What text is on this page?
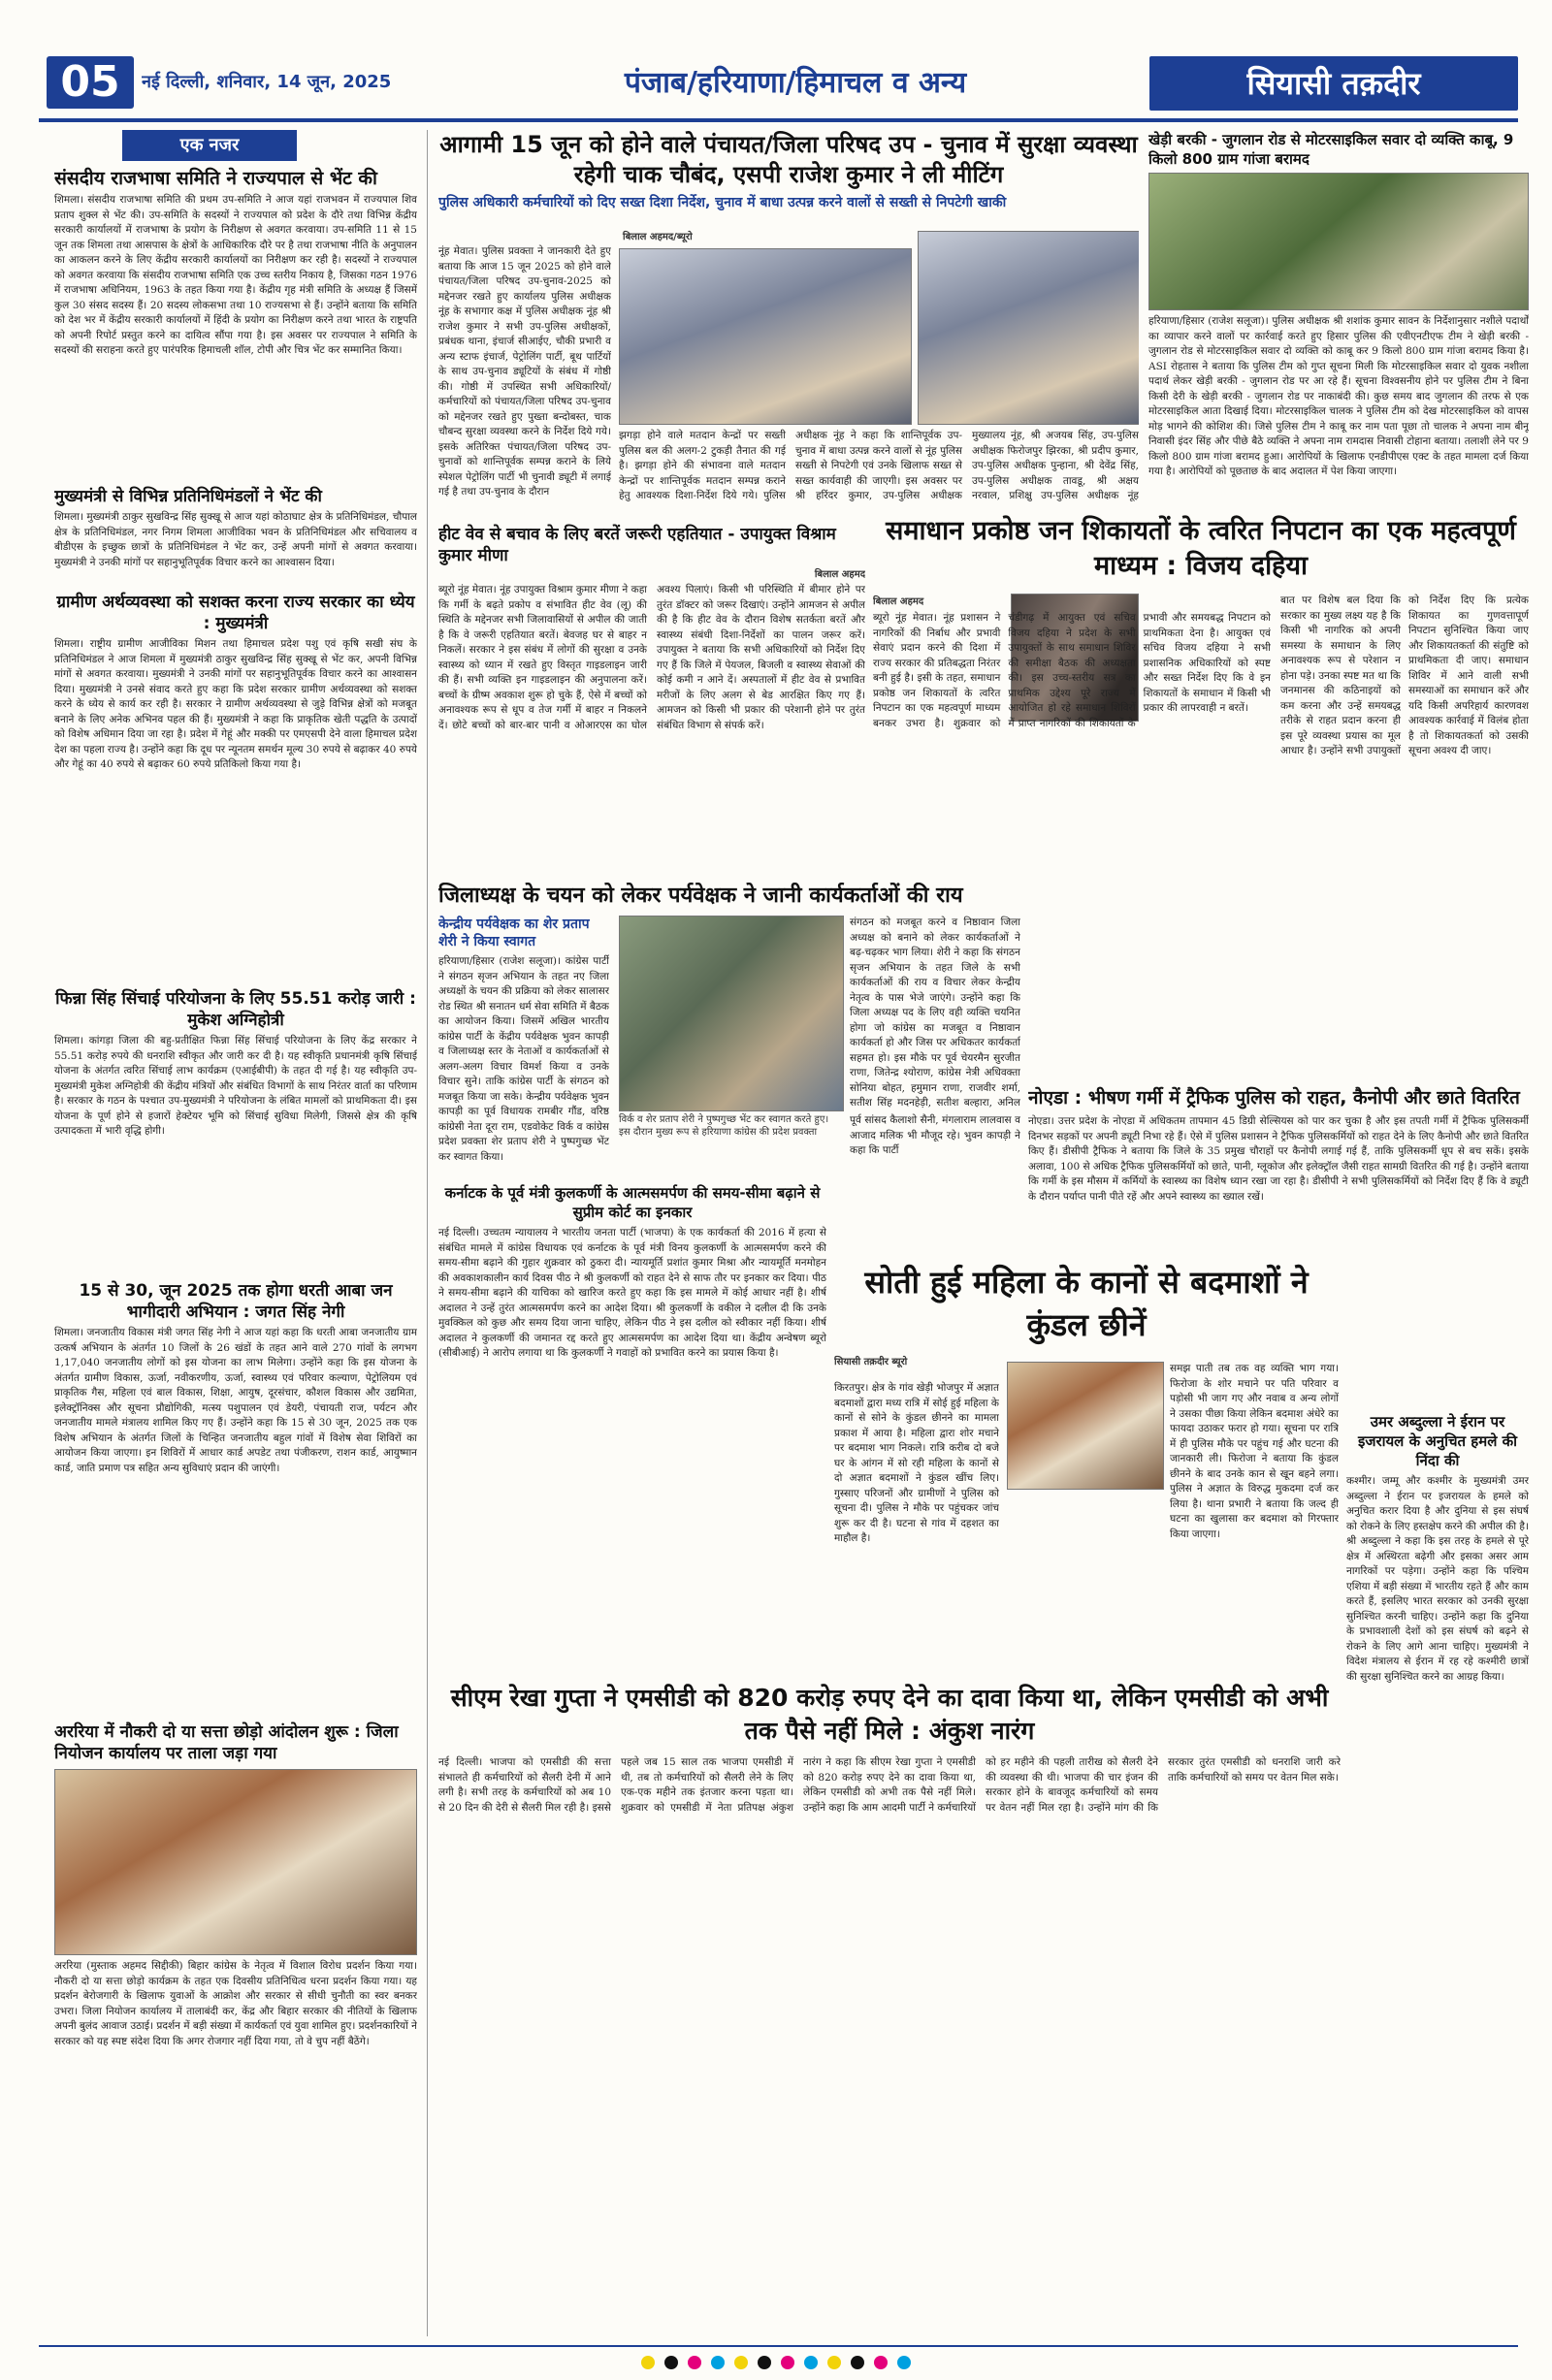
05	नई दिल्ली, शनिवार, 14 जून, 2025	पंजाब/हरियाणा/हिमाचल व अन्य	सियासी तक़दीर
एक नजर
संसदीय राजभाषा समिति ने राज्यपाल से भेंट की

शिमला। संसदीय राजभाषा समिति की प्रथम उप-समिति ने आज यहां राजभवन में राज्यपाल शिव प्रताप शुक्ल से भेंट की। उप-समिति के सदस्यों ने राज्यपाल को प्रदेश के दौरे तथा विभिन्न केंद्रीय सरकारी कार्यालयों में राजभाषा के प्रयोग के निरीक्षण से अवगत करवाया। उप-समिति 11 से 15 जून तक शिमला तथा आसपास के क्षेत्रों के आधिकारिक दौरे पर है तथा राजभाषा नीति के अनुपालन का आकलन करने के लिए केंद्रीय सरकारी कार्यालयों का निरीक्षण कर रही है। सदस्यों ने राज्यपाल को अवगत करवाया कि संसदीय राजभाषा समिति एक उच्च स्तरीय निकाय है, जिसका गठन 1976 में राजभाषा अधिनियम, 1963 के तहत किया गया है। केंद्रीय गृह मंत्री समिति के अध्यक्ष हैं जिसमें कुल 30 संसद सदस्य हैं। 20 सदस्य लोकसभा तथा 10 राज्यसभा से हैं। उन्होंने बताया कि समिति को देश भर में केंद्रीय सरकारी कार्यालयों में हिंदी के प्रयोग का निरीक्षण करने तथा भारत के राष्ट्रपति को अपनी रिपोर्ट प्रस्तुत करने का दायित्व सौंपा गया है। इस अवसर पर राज्यपाल ने समिति के सदस्यों की सराहना करते हुए पारंपरिक हिमाचली शॉल, टोपी और चित्र भेंट कर सम्मानित किया।

मुख्यमंत्री से विभिन्न प्रतिनिधिमंडलों ने भेंट की

शिमला। मुख्यमंत्री ठाकुर सुखविन्द्र सिंह सुक्खू से आज यहां कोठाघाट क्षेत्र के प्रतिनिधिमंडल, चौपाल क्षेत्र के प्रतिनिधिमंडल, नगर निगम शिमला आजीविका भवन के प्रतिनिधिमंडल और सचिवालय व बीडीएस के इच्छुक छात्रों के प्रतिनिधिमंडल ने भेंट कर, उन्हें अपनी मांगों से अवगत करवाया। मुख्यमंत्री ने उनकी मांगों पर सहानुभूतिपूर्वक विचार करने का आश्वासन दिया।

ग्रामीण अर्थव्यवस्था को सशक्त करना राज्य सरकार का ध्येय : मुख्यमंत्री

शिमला। राष्ट्रीय ग्रामीण आजीविका मिशन तथा हिमाचल प्रदेश पशु एवं कृषि सखी संघ के प्रतिनिधिमंडल ने आज शिमला में मुख्यमंत्री ठाकुर सुखविन्द्र सिंह सुक्खू से भेंट कर, अपनी विभिन्न मांगों से अवगत करवाया। मुख्यमंत्री ने उनकी मांगों पर सहानुभूतिपूर्वक विचार करने का आश्वासन दिया। मुख्यमंत्री ने उनसे संवाद करते हुए कहा कि प्रदेश सरकार ग्रामीण अर्थव्यवस्था को सशक्त करने के ध्येय से कार्य कर रही है। सरकार ने ग्रामीण अर्थव्यवस्था से जुड़े विभिन्न क्षेत्रों को मजबूत बनाने के लिए अनेक अभिनव पहल की हैं। मुख्यमंत्री ने कहा कि प्राकृतिक खेती पद्धति के उत्पादों को विशेष अधिमान दिया जा रहा है। प्रदेश में गेहूं और मक्की पर एमएसपी देने वाला हिमाचल प्रदेश देश का पहला राज्य है। उन्होंने कहा कि दूध पर न्यूनतम समर्थन मूल्य 30 रुपये से बढ़ाकर 40 रुपये और गेहूं का 40 रुपये से बढ़ाकर 60 रुपये प्रतिकिलो किया गया है।

फिन्ना सिंह सिंचाई परियोजना के लिए 55.51 करोड़ जारी : मुकेश अग्निहोत्री

शिमला। कांगड़ा जिला की बहु-प्रतीक्षित फिन्ना सिंह सिंचाई परियोजना के लिए केंद्र सरकार ने 55.51 करोड़ रुपये की धनराशि स्वीकृत और जारी कर दी है। यह स्वीकृति प्रधानमंत्री कृषि सिंचाई योजना के अंतर्गत त्वरित सिंचाई लाभ कार्यक्रम (एआईबीपी) के तहत दी गई है। यह स्वीकृति उप-मुख्यमंत्री मुकेश अग्निहोत्री की केंद्रीय मंत्रियों और संबंधित विभागों के साथ निरंतर वार्ता का परिणाम है। सरकार के गठन के पश्चात उप-मुख्यमंत्री ने परियोजना के लंबित मामलों को प्राथमिकता दी। इस योजना के पूर्ण होने से हजारों हेक्टेयर भूमि को सिंचाई सुविधा मिलेगी, जिससे क्षेत्र की कृषि उत्पादकता में भारी वृद्धि होगी।

15 से 30, जून 2025 तक होगा धरती आबा जन भागीदारी अभियान : जगत सिंह नेगी

शिमला। जनजातीय विकास मंत्री जगत सिंह नेगी ने आज यहां कहा कि धरती आबा जनजातीय ग्राम उत्कर्ष अभियान के अंतर्गत 10 जिलों के 26 खंडों के तहत आने वाले 270 गांवों के लगभग 1,17,040 जनजातीय लोगों को इस योजना का लाभ मिलेगा। उन्होंने कहा कि इस योजना के अंतर्गत ग्रामीण विकास, ऊर्जा, नवीकरणीय, ऊर्जा, स्वास्थ्य एवं परिवार कल्याण, पेट्रोलियम एवं प्राकृतिक गैस, महिला एवं बाल विकास, शिक्षा, आयुष, दूरसंचार, कौशल विकास और उद्यमिता, इलेक्ट्रॉनिक्स और सूचना प्रौद्योगिकी, मत्स्य पशुपालन एवं डेयरी, पंचायती राज, पर्यटन और जनजातीय मामले मंत्रालय शामिल किए गए हैं। उन्होंने कहा कि 15 से 30 जून, 2025 तक एक विशेष अभियान के अंतर्गत जिलों के चिन्हित जनजातीय बहुल गांवों में विशेष सेवा शिविरों का आयोजन किया जाएगा। इन शिविरों में आधार कार्ड अपडेट तथा पंजीकरण, राशन कार्ड, आयुष्मान कार्ड, जाति प्रमाण पत्र सहित अन्य सुविधाएं प्रदान की जाएंगी।

अररिया में नौकरी दो या सत्ता छोड़ो आंदोलन शुरू : जिला नियोजन कार्यालय पर ताला जड़ा गया

अररिया (मुस्ताक अहमद सिद्दीकी) बिहार कांग्रेस के नेतृत्व में विशाल विरोध प्रदर्शन किया गया। नौकरी दो या सत्ता छोड़ो कार्यक्रम के तहत एक दिवसीय प्रतिनिधित्व धरना प्रदर्शन किया गया। यह प्रदर्शन बेरोजगारी के खिलाफ युवाओं के आक्रोश और सरकार से सीधी चुनौती का स्वर बनकर उभरा। जिला नियोजन कार्यालय में तालाबंदी कर, केंद्र और बिहार सरकार की नीतियों के खिलाफ अपनी बुलंद आवाज उठाई। प्रदर्शन में बड़ी संख्या में कार्यकर्ता एवं युवा शामिल हुए। प्रदर्शनकारियों ने सरकार को यह स्पष्ट संदेश दिया कि अगर रोजगार नहीं दिया गया, तो वे चुप नहीं बैठेंगे।

आगामी 15 जून को होने वाले पंचायत/जिला परिषद उप - चुनाव में सुरक्षा व्यवस्था रहेगी चाक चौबंद, एसपी राजेश कुमार ने ली मीटिंग

पुलिस अधिकारी कर्मचारियों को दिए सख्त दिशा निर्देश, चुनाव में बाधा उत्पन्न करने वालों से सख्ती से निपटेगी खाकी

बिलाल अहमद/ब्यूरो

नूंह मेवात। पुलिस प्रवक्ता ने जानकारी देते हुए बताया कि आज 15 जून 2025 को होने वाले पंचायत/जिला परिषद उप-चुनाव-2025 को मद्देनजर रखते हुए कार्यालय पुलिस अधीक्षक नूंह के सभागार कक्ष में पुलिस अधीक्षक नूंह श्री राजेश कुमार ने सभी उप-पुलिस अधीक्षकों, प्रबंधक थाना, इंचार्ज सीआईए, चौकी प्रभारी व अन्य स्टाफ इंचार्ज, पेट्रोलिंग पार्टी, बूथ पार्टियों के साथ उप-चुनाव ड्यूटियों के संबंध में गोष्ठी की। गोष्ठी में उपस्थित सभी अधिकारियों/कर्मचारियों को पंचायत/जिला परिषद उप-चुनाव को मद्देनजर रखते हुए पुख्ता बन्दोबस्त, चाक चौबन्द सुरक्षा व्यवस्था करने के निर्देश दिये गये। इसके अतिरिक्त पंचायत/जिला परिषद उप-चुनावों को शान्तिपूर्वक सम्पन्न कराने के लिये स्पेशल पेट्रोलिंग पार्टी भी चुनावी ड्यूटी में लगाई गई है तथा उप-चुनाव के दौरान

झगड़ा होने वाले मतदान केन्द्रों पर सख्ती पुलिस बल की अलग-2 टुकड़ी तैनात की गई है। झगड़ा होने की संभावना वाले मतदान केन्द्रों पर शान्तिपूर्वक मतदान सम्पन्न कराने हेतु आवश्यक दिशा-निर्देश दिये गये। पुलिस अधीक्षक नूंह ने कहा कि शान्तिपूर्वक उप-चुनाव में बाधा उत्पन्न करने वालों से नूंह पुलिस सख्ती से निपटेगी एवं उनके खिलाफ सख्त से सख्त कार्यवाही की जाएगी। इस अवसर पर श्री हरिंदर कुमार, उप-पुलिस अधीक्षक मुख्यालय नूंह, श्री अजयब सिंह, उप-पुलिस अधीक्षक फिरोजपुर झिरका, श्री प्रदीप कुमार, उप-पुलिस अधीक्षक पुन्हाना, श्री देवेंद्र सिंह, उप-पुलिस अधीक्षक तावडू, श्री अक्षय नरवाल, प्रशिक्षु उप-पुलिस अधीक्षक नूंह

हीट वेव से बचाव के लिए बरतें जरूरी एहतियात - उपायुक्त विश्राम कुमार मीणा

बिलाल अहमद

ब्यूरो नूंह मेवात। नूंह उपायुक्त विश्राम कुमार मीणा ने कहा कि गर्मी के बढ़ते प्रकोप व संभावित हीट वेव (लू) की स्थिति के मद्देनजर सभी जिलावासियों से अपील की जाती है कि वे जरूरी एहतियात बरतें। बेवजह घर से बाहर न निकलें। सरकार ने इस संबंध में लोगों की सुरक्षा व उनके स्वास्थ्य को ध्यान में रखते हुए विस्तृत गाइडलाइन जारी की हैं। सभी व्यक्ति इन गाइडलाइन की अनुपालना करें। बच्चों के ग्रीष्म अवकाश शुरू हो चुके हैं, ऐसे में बच्चों को अनावश्यक रूप से धूप व तेज गर्मी में बाहर न निकलने दें। छोटे बच्चों को बार-बार पानी व ओआरएस का घोल अवश्य पिलाएं। किसी भी परिस्थिति में बीमार होने पर तुरंत डॉक्टर को जरूर दिखाएं। उन्होंने आमजन से अपील की है कि हीट वेव के दौरान विशेष सतर्कता बरतें और स्वास्थ्य संबंधी दिशा-निर्देशों का पालन जरूर करें। उपायुक्त ने बताया कि सभी अधिकारियों को निर्देश दिए गए हैं कि जिले में पेयजल, बिजली व स्वास्थ्य सेवाओं की कोई कमी न आने दें। अस्पतालों में हीट वेव से प्रभावित मरीजों के लिए अलग से बेड आरक्षित किए गए हैं। आमजन को किसी भी प्रकार की परेशानी होने पर तुरंत संबंधित विभाग से संपर्क करें।

खेड़ी बरकी - जुगलान रोड से मोटरसाइकिल सवार दो व्यक्ति काबू, 9 किलो 800 ग्राम गांजा बरामद

हरियाणा/हिसार (राजेश सलूजा)। पुलिस अधीक्षक श्री शशांक कुमार सावन के निर्देशानुसार नशीले पदार्थों का व्यापार करने वालों पर कार्रवाई करते हुए हिसार पुलिस की एवीएनटीएफ टीम ने खेड़ी बरकी - जुगलान रोड से मोटरसाइकिल सवार दो व्यक्ति को काबू कर 9 किलो 800 ग्राम गांजा बरामद किया है। ASI रोहतास ने बताया कि पुलिस टीम को गुप्त सूचना मिली कि मोटरसाइकिल सवार दो युवक नशीला पदार्थ लेकर खेड़ी बरकी - जुगलान रोड पर आ रहे हैं। सूचना विश्वसनीय होने पर पुलिस टीम ने बिना किसी देरी के खेड़ी बरकी - जुगलान रोड पर नाकाबंदी की। कुछ समय बाद जुगलान की तरफ से एक मोटरसाइकिल आता दिखाई दिया। मोटरसाइकिल चालक ने पुलिस टीम को देख मोटरसाइकिल को वापस मोड़ भागने की कोशिश की। जिसे पुलिस टीम ने काबू कर नाम पता पूछा तो चालक ने अपना नाम बीनू निवासी इंदर सिंह और पीछे बैठे व्यक्ति ने अपना नाम रामदास निवासी टोहाना बताया। तलाशी लेने पर 9 किलो 800 ग्राम गांजा बरामद हुआ। आरोपियों के खिलाफ एनडीपीएस एक्ट के तहत मामला दर्ज किया गया है। आरोपियों को पूछताछ के बाद अदालत में पेश किया जाएगा।

समाधान प्रकोष्ठ जन शिकायतों के त्वरित निपटान का एक महत्वपूर्ण माध्यम : विजय दहिया

बिलाल अहमद

ब्यूरो नूंह मेवात। नूंह प्रशासन ने नागरिकों की निर्बाध और प्रभावी सेवाएं प्रदान करने की दिशा में राज्य सरकार की प्रतिबद्धता निरंतर बनी हुई है। इसी के तहत, समाधान प्रकोष्ठ जन शिकायतों के त्वरित निपटान का एक महत्वपूर्ण माध्यम बनकर उभरा है। शुक्रवार को चंडीगढ़ में आयुक्त एवं सचिव विजय दहिया ने प्रदेश के सभी उपायुक्तों के साथ समाधान शिविर की समीक्षा बैठक की अध्यक्षता की। इस उच्च-स्तरीय सत्र का प्राथमिक उद्देश्य पूरे राज्य में आयोजित हो रहे समाधान शिविरों में प्राप्त नागरिकों की शिकायतों के प्रभावी और समयबद्ध निपटान को प्राथमिकता देना है। आयुक्त एवं सचिव विजय दहिया ने सभी प्रशासनिक अधिकारियों को स्पष्ट और सख्त निर्देश दिए कि वे इन शिकायतों के समाधान में किसी भी प्रकार की लापरवाही न बरतें।

बात पर विशेष बल दिया कि सरकार का मुख्य लक्ष्य यह है कि किसी भी नागरिक को अपनी समस्या के समाधान के लिए अनावश्यक रूप से परेशान न होना पड़े। उनका स्पष्ट मत था कि जनमानस की कठिनाइयों को कम करना और उन्हें समयबद्ध तरीके से राहत प्रदान करना ही इस पूरे व्यवस्था प्रयास का मूल आधार है। उन्होंने सभी उपायुक्तों को निर्देश दिए कि प्रत्येक शिकायत का गुणवत्तापूर्ण निपटान सुनिश्चित किया जाए और शिकायतकर्ता की संतुष्टि को प्राथमिकता दी जाए। समाधान शिविर में आने वाली सभी समस्याओं का समाधान करें और यदि किसी अपरिहार्य कारणवश आवश्यक कार्रवाई में विलंब होता है तो शिकायतकर्ता को उसकी सूचना अवश्य दी जाए।

जिलाध्यक्ष के चयन को लेकर पर्यवेक्षक ने जानी कार्यकर्ताओं की राय

केन्द्रीय पर्यवेक्षक का शेर प्रताप शेरी ने किया स्वागत

हरियाणा/हिसार (राजेश सलूजा)। कांग्रेस पार्टी ने संगठन सृजन अभियान के तहत नए जिला अध्यक्षों के चयन की प्रक्रिया को लेकर सालासर रोड स्थित श्री सनातन धर्म सेवा समिति में बैठक का आयोजन किया। जिसमें अखिल भारतीय कांग्रेस पार्टी के केंद्रीय पर्यवेक्षक भुवन कापड़ी व जिलाध्यक्ष स्तर के नेताओं व कार्यकर्ताओं से अलग-अलग विचार विमर्श किया व उनके विचार सुने। ताकि कांग्रेस पार्टी के संगठन को मजबूत किया जा सके। केन्द्रीय पर्यवेक्षक भुवन कापड़ी का पूर्व विधायक रामबीर गौंड, वरिष्ठ कांग्रेसी नेता दूरा राम, एडवोकेट विर्क व कांग्रेस प्रदेश प्रवक्ता शेर प्रताप शेरी ने पुष्पगुच्छ भेंट कर स्वागत किया।

विर्क व शेर प्रताप शेरी ने पुष्पगुच्छ भेंट कर स्वागत करते हुए। इस दौरान मुख्य रूप से हरियाणा कांग्रेस की प्रदेश प्रवक्ता

पूर्व सांसद कैलाशो सैनी, मंगलाराम लालवास व आजाद मलिक भी मौजूद रहे। भुवन कापड़ी ने कहा कि पार्टी

संगठन को मजबूत करने व निष्ठावान जिला अध्यक्ष को बनाने को लेकर कार्यकर्ताओं ने बढ़-चढ़कर भाग लिया। शेरी ने कहा कि संगठन सृजन अभियान के तहत जिले के सभी कार्यकर्ताओं की राय व विचार लेकर केन्द्रीय नेतृत्व के पास भेजे जाएंगे। उन्होंने कहा कि जिला अध्यक्ष पद के लिए वही व्यक्ति चयनित होगा जो कांग्रेस का मजबूत व निष्ठावान कार्यकर्ता हो और जिस पर अधिकतर कार्यकर्ता सहमत हो। इस मौके पर पूर्व चेयरमैन सुरजीत राणा, जितेन्द्र श्योराण, कांग्रेस नेत्री अधिवक्ता सोनिया बोहत, हमुमान राणा, राजवीर शर्मा, सतीश सिंह मदनहेड़ी, सतीश बल्हारा, अनिल नोएडा : भीषण गर्मी में ट्रैफिक पुलिस को राहत, कैनोपी और छाते वितरित

नोएडा। उत्तर प्रदेश के नोएडा में अधिकतम तापमान 45 डिग्री सेल्सियस को पार कर चुका है और इस तपती गर्मी में ट्रैफिक पुलिसकर्मी दिनभर सड़कों पर अपनी ड्यूटी निभा रहे हैं। ऐसे में पुलिस प्रशासन ने ट्रैफिक पुलिसकर्मियों को राहत देने के लिए कैनोपी और छाते वितरित किए हैं। डीसीपी ट्रैफिक ने बताया कि जिले के 35 प्रमुख चौराहों पर कैनोपी लगाई गई हैं, ताकि पुलिसकर्मी धूप से बच सकें। इसके अलावा, 100 से अधिक ट्रैफिक पुलिसकर्मियों को छाते, पानी, ग्लूकोज और इलेक्ट्रॉल जैसी राहत सामग्री वितरित की गई है। उन्होंने बताया कि गर्मी के इस मौसम में कर्मियों के स्वास्थ्य का विशेष ध्यान रखा जा रहा है। डीसीपी ने सभी पुलिसकर्मियों को निर्देश दिए हैं कि वे ड्यूटी के दौरान पर्याप्त पानी पीते रहें और अपने स्वास्थ्य का ख्याल रखें।

कर्नाटक के पूर्व मंत्री कुलकर्णी के आत्मसमर्पण की समय-सीमा बढ़ाने से सुप्रीम कोर्ट का इनकार

नई दिल्ली। उच्चतम न्यायालय ने भारतीय जनता पार्टी (भाजपा) के एक कार्यकर्ता की 2016 में हत्या से संबंधित मामले में कांग्रेस विधायक एवं कर्नाटक के पूर्व मंत्री विनय कुलकर्णी के आत्मसमर्पण करने की समय-सीमा बढ़ाने की गुहार शुक्रवार को ठुकरा दी। न्यायमूर्ति प्रशांत कुमार मिश्रा और न्यायमूर्ति मनमोहन की अवकाशकालीन कार्य दिवस पीठ ने श्री कुलकर्णी को राहत देने से साफ तौर पर इनकार कर दिया। पीठ ने समय-सीमा बढ़ाने की याचिका को खारिज करते हुए कहा कि इस मामले में कोई आधार नहीं है। शीर्ष अदालत ने उन्हें तुरंत आत्मसमर्पण करने का आदेश दिया। श्री कुलकर्णी के वकील ने दलील दी कि उनके मुवक्किल को कुछ और समय दिया जाना चाहिए, लेकिन पीठ ने इस दलील को स्वीकार नहीं किया। शीर्ष अदालत ने कुलकर्णी की जमानत रद्द करते हुए आत्मसमर्पण का आदेश दिया था। केंद्रीय अन्वेषण ब्यूरो (सीबीआई) ने आरोप लगाया था कि कुलकर्णी ने गवाहों को प्रभावित करने का प्रयास किया है।

सोती हुई महिला के कानों से बदमाशों ने कुंडल छीनें

सियासी तक़दीर ब्यूरो

किरतपुर। क्षेत्र के गांव खेड़ी भोजपुर में अज्ञात बदमाशों द्वारा मध्य रात्रि में सोई हुई महिला के कानों से सोने के कुंडल छीनने का मामला प्रकाश में आया है। महिला द्वारा शोर मचाने पर बदमाश भाग निकले। रात्रि करीब दो बजे घर के आंगन में सो रही महिला के कानों से दो अज्ञात बदमाशों ने कुंडल खींच लिए। गुस्साए परिजनों और ग्रामीणों ने पुलिस को सूचना दी। पुलिस ने मौके पर पहुंचकर जांच शुरू कर दी है। घटना से गांव में दहशत का माहौल है।

समझ पाती तब तक वह व्यक्ति भाग गया। फिरोजा के शोर मचाने पर पति परिवार व पड़ोसी भी जाग गए और नवाब व अन्य लोगों ने उसका पीछा किया लेकिन बदमाश अंधेरे का फायदा उठाकर फरार हो गया। सूचना पर रात्रि में ही पुलिस मौके पर पहुंच गई और घटना की जानकारी ली। फिरोजा ने बताया कि कुंडल छीनने के बाद उनके कान से खून बहने लगा। पुलिस ने अज्ञात के विरुद्ध मुकदमा दर्ज कर लिया है। थाना प्रभारी ने बताया कि जल्द ही घटना का खुलासा कर बदमाश को गिरफ्तार किया जाएगा।

उमर अब्दुल्ला ने ईरान पर इजरायल के अनुचित हमले की निंदा की

कश्मीर। जम्मू और कश्मीर के मुख्यमंत्री उमर अब्दुल्ला ने ईरान पर इजरायल के हमले को अनुचित करार दिया है और दुनिया से इस संघर्ष को रोकने के लिए हस्तक्षेप करने की अपील की है। श्री अब्दुल्ला ने कहा कि इस तरह के हमले से पूरे क्षेत्र में अस्थिरता बढ़ेगी और इसका असर आम नागरिकों पर पड़ेगा। उन्होंने कहा कि पश्चिम एशिया में बड़ी संख्या में भारतीय रहते हैं और काम करते हैं, इसलिए भारत सरकार को उनकी सुरक्षा सुनिश्चित करनी चाहिए। उन्होंने कहा कि दुनिया के प्रभावशाली देशों को इस संघर्ष को बढ़ने से रोकने के लिए आगे आना चाहिए। मुख्यमंत्री ने विदेश मंत्रालय से ईरान में रह रहे कश्मीरी छात्रों की सुरक्षा सुनिश्चित करने का आग्रह किया।

सीएम रेखा गुप्ता ने एमसीडी को 820 करोड़ रुपए देने का दावा किया था, लेकिन एमसीडी को अभी तक पैसे नहीं मिले : अंकुश नारंग

नई दिल्ली। भाजपा को एमसीडी की सत्ता संभालते ही कर्मचारियों को सैलरी देनी में आने लगी है। सभी तरह के कर्मचारियों को अब 10 से 20 दिन की देरी से सैलरी मिल रही है। इससे पहले जब 15 साल तक भाजपा एमसीडी में थी, तब तो कर्मचारियों को सैलरी लेने के लिए एक-एक महीने तक इंतजार करना पड़ता था। शुक्रवार को एमसीडी में नेता प्रतिपक्ष अंकुश नारंग ने कहा कि सीएम रेखा गुप्ता ने एमसीडी को 820 करोड़ रुपए देने का दावा किया था, लेकिन एमसीडी को अभी तक पैसे नहीं मिले। उन्होंने कहा कि आम आदमी पार्टी ने कर्मचारियों को हर महीने की पहली तारीख को सैलरी देने की व्यवस्था की थी। भाजपा की चार इंजन की सरकार होने के बावजूद कर्मचारियों को समय पर वेतन नहीं मिल रहा है। उन्होंने मांग की कि सरकार तुरंत एमसीडी को धनराशि जारी करे ताकि कर्मचारियों को समय पर वेतन मिल सके।
